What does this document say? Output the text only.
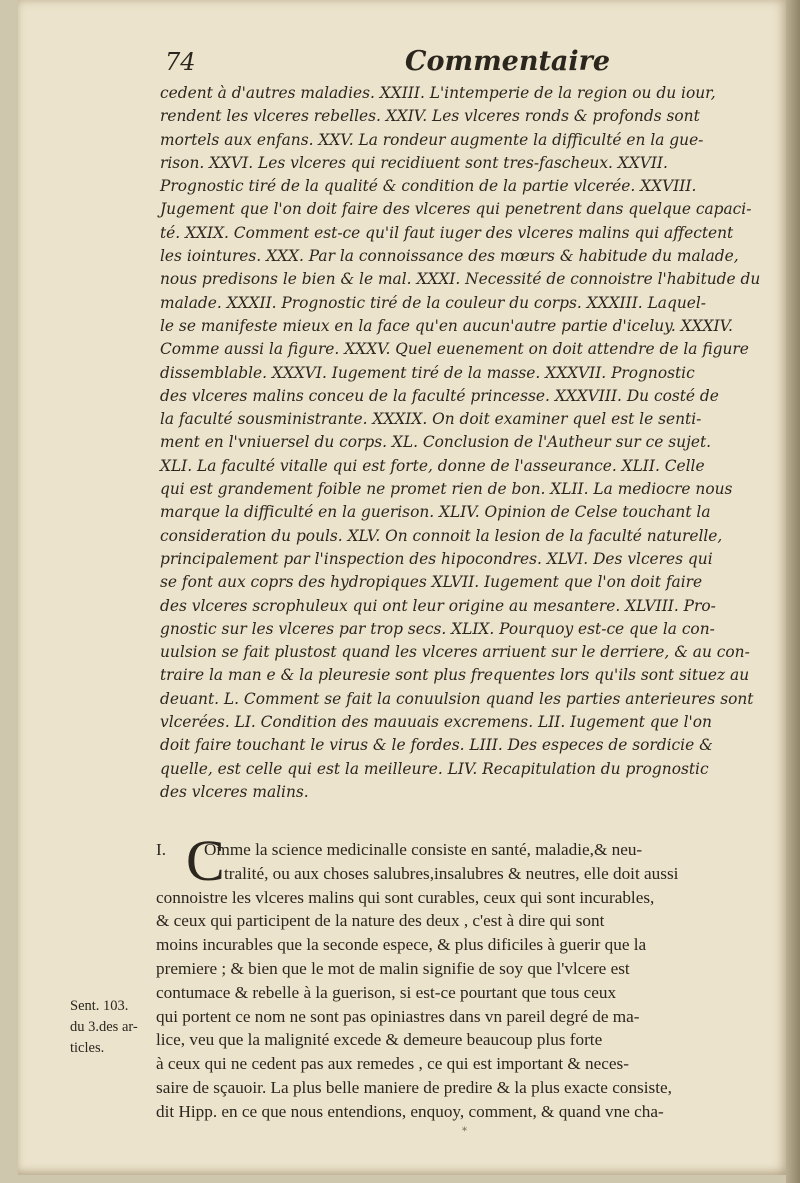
74	Commentaire
cedent à d'autres maladies. XXIII. L'intemperie de la region ou du iour,
rendent les vlceres rebelles. XXIV. Les vlceres ronds & profonds sont
mortels aux enfans. XXV. La rondeur augmente la difficulté en la gue-
rison. XXVI. Les vlceres qui recidiuent sont tres-fascheux. XXVII.
Prognostic tiré de la qualité & condition de la partie vlcerée. XXVIII.
Jugement que l'on doit faire des vlceres qui penetrent dans quelque capaci-
té. XXIX. Comment est-ce qu'il faut iuger des vlceres malins qui affectent
les iointures. XXX. Par la connoissance des mœurs & habitude du malade,
nous predisons le bien & le mal. XXXI. Necessité de connoistre l'habitude du
malade. XXXII. Prognostic tiré de la couleur du corps. XXXIII. Laquel-
le se manifeste mieux en la face qu'en aucun'autre partie d'iceluy. XXXIV.
Comme aussi la figure. XXXV. Quel euenement on doit attendre de la figure
dissemblable. XXXVI. Iugement tiré de la masse. XXXVII. Prognostic
des vlceres malins conceu de la faculté princesse. XXXVIII. Du costé de
la faculté sousministrante. XXXIX. On doit examiner quel est le senti-
ment en l'vniuersel du corps. XL. Conclusion de l'Autheur sur ce sujet.
XLI. La faculté vitalle qui est forte, donne de l'asseurance. XLII. Celle
qui est grandement foible ne promet rien de bon. XLII. La mediocre nous
marque la difficulté en la guerison. XLIV. Opinion de Celse touchant la
consideration du pouls. XLV. On connoit la lesion de la faculté naturelle,
principalement par l'inspection des hipocondres. XLVI. Des vlceres qui
se font aux coprs des hydropiques XLVII. Iugement que l'on doit faire
des vlceres scrophuleux qui ont leur origine au mesantere. XLVIII. Pro-
gnostic sur les vlceres par trop secs. XLIX. Pourquoy est-ce que la con-
uulsion se fait plustost quand les vlceres arriuent sur le derriere, & au con-
traire la man e & la pleuresie sont plus frequentes lors qu'ils sont situez au
deuant. L. Comment se fait la conuulsion quand les parties anterieures sont
vlcerées. LI. Condition des mauuais excremens. LII. Iugement que l'on
doit faire touchant le virus & le fordes. LIII. Des especes de sordicie &
quelle, est celle qui est la meilleure. LIV. Recapitulation du prognostic
des vlceres malins.
C
I. Omme la science medicinalle consiste en santé, maladie,& neu-
tralité, ou aux choses salubres,insalubres & neutres, elle doit aussi
connoistre les vlceres malins qui sont curables, ceux qui sont incurables,
& ceux qui participent de la nature des deux , c'est à dire qui sont
moins incurables que la seconde espece, & plus dificiles à guerir que la
premiere ; & bien que le mot de malin signifie de soy que l'vlcere est
contumace & rebelle à la guerison, si est-ce pourtant que tous ceux
qui portent ce nom ne sont pas opiniastres dans vn pareil degré de ma-
lice, veu que la malignité excede & demeure beaucoup plus forte
à ceux qui ne cedent pas aux remedes , ce qui est important & neces-
saire de sçauoir. La plus belle maniere de predire & la plus exacte consiste,
dit Hipp. en ce que nous entendions, enquoy, comment, & quand vne cha-
Sent. 103.
du 3.des ar-
ticles.
*
